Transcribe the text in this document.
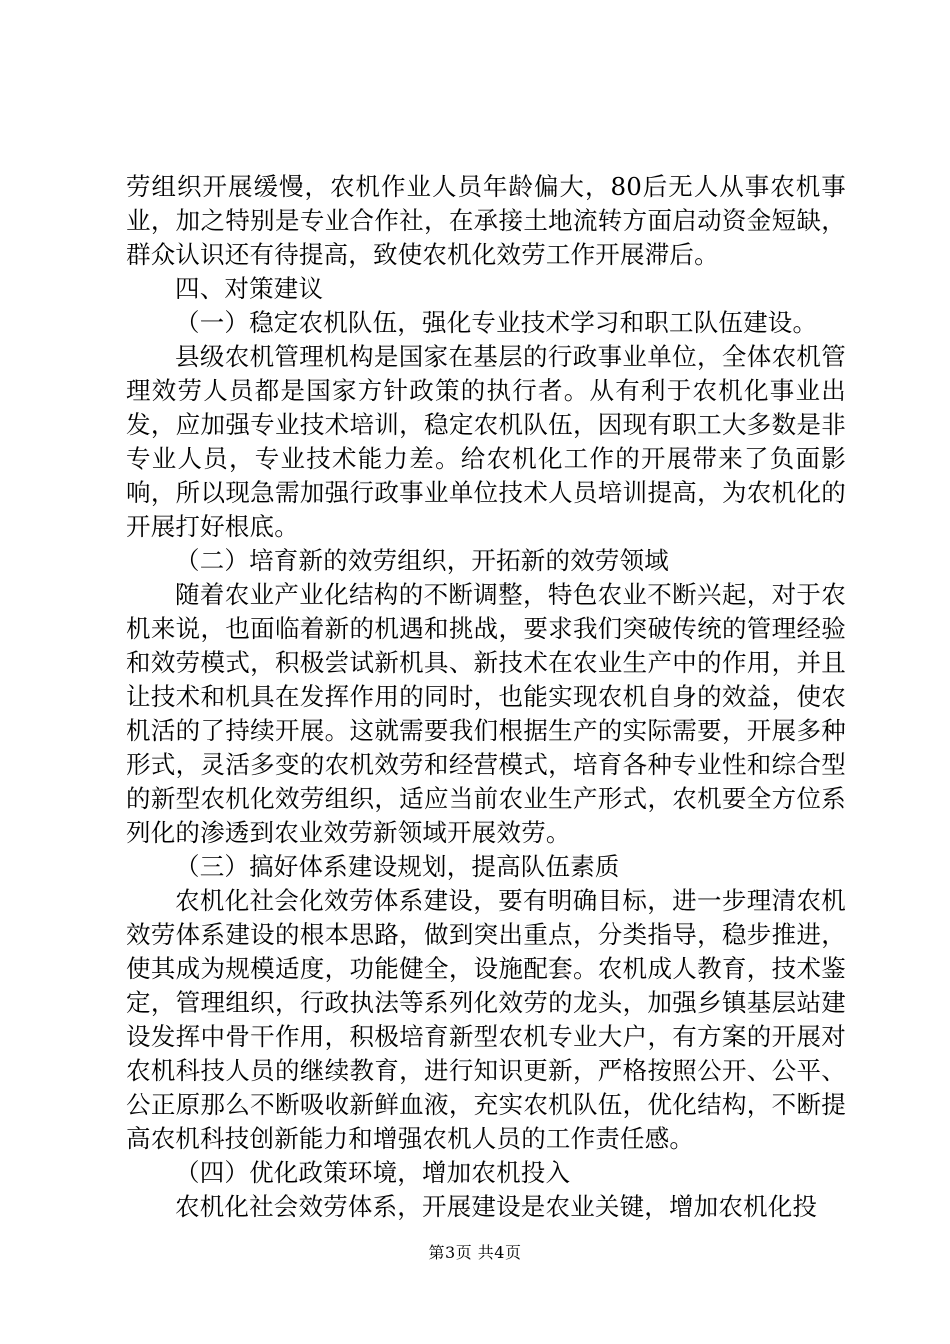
劳组织开展缓慢，农机作业人员年龄偏大，80后无人从事农机事业，加之特别是专业合作社，在承接土地流转方面启动资金短缺，群众认识还有待提高，致使农机化效劳工作开展滞后。

四、对策建议

（一）稳定农机队伍，强化专业技术学习和职工队伍建设。

县级农机管理机构是国家在基层的行政事业单位，全体农机管理效劳人员都是国家方针政策的执行者。从有利于农机化事业出发，应加强专业技术培训，稳定农机队伍，因现有职工大多数是非专业人员，专业技术能力差。给农机化工作的开展带来了负面影响，所以现急需加强行政事业单位技术人员培训提高，为农机化的开展打好根底。

（二）培育新的效劳组织，开拓新的效劳领域

随着农业产业化结构的不断调整，特色农业不断兴起，对于农机来说，也面临着新的机遇和挑战，要求我们突破传统的管理经验和效劳模式，积极尝试新机具、新技术在农业生产中的作用，并且让技术和机具在发挥作用的同时，也能实现农机自身的效益，使农机活的了持续开展。这就需要我们根据生产的实际需要，开展多种形式，灵活多变的农机效劳和经营模式，培育各种专业性和综合型的新型农机化效劳组织，适应当前农业生产形式，农机要全方位系列化的渗透到农业效劳新领域开展效劳。

（三）搞好体系建设规划，提高队伍素质

农机化社会化效劳体系建设，要有明确目标，进一步理清农机效劳体系建设的根本思路，做到突出重点，分类指导，稳步推进，使其成为规模适度，功能健全，设施配套。农机成人教育，技术鉴定，管理组织，行政执法等系列化效劳的龙头，加强乡镇基层站建设发挥中骨干作用，积极培育新型农机专业大户，有方案的开展对农机科技人员的继续教育，进行知识更新，严格按照公开、公平、公正原那么不断吸收新鲜血液，充实农机队伍，优化结构，不断提高农机科技创新能力和增强农机人员的工作责任感。

（四）优化政策环境，增加农机投入

农机化社会效劳体系，开展建设是农业关键，增加农机化投

第3页 共4页
